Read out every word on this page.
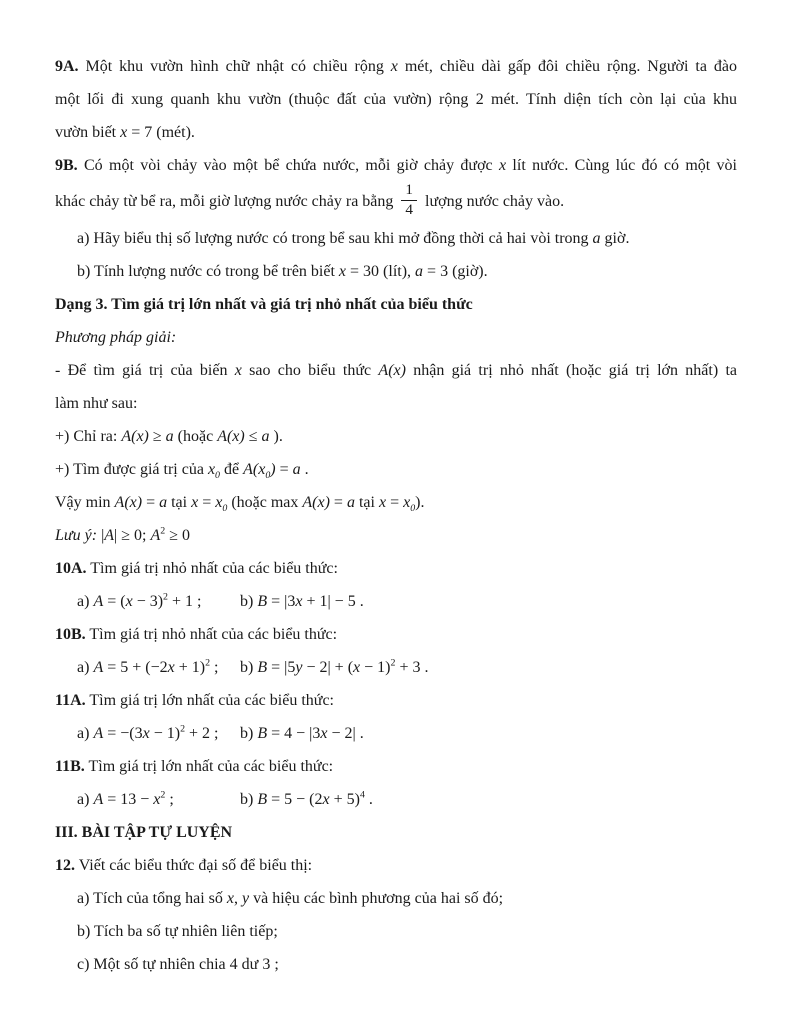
9A. Một khu vườn hình chữ nhật có chiều rộng x mét, chiều dài gấp đôi chiều rộng. Người ta đào
một lối đi xung quanh khu vườn (thuộc đất của vườn) rộng 2 mét. Tính diện tích còn lại của khu
vườn biết x = 7 (mét).
9B. Có một vòi chảy vào một bể chứa nước, mỗi giờ chảy được x lít nước. Cùng lúc đó có một vòi
khác chảy từ bể ra, mỗi giờ lượng nước chảy ra bằng $\frac{1}{4}$ lượng nước chảy vào.
a) Hãy biểu thị số lượng nước có trong bể sau khi mở đồng thời cả hai vòi trong a giờ.
b) Tính lượng nước có trong bể trên biết x = 30 (lít), a = 3 (giờ).
Dạng 3. Tìm giá trị lớn nhất và giá trị nhỏ nhất của biểu thức
Phương pháp giải:
- Để tìm giá trị của biến x sao cho biểu thức A(x) nhận giá trị nhỏ nhất (hoặc giá trị lớn nhất) ta
làm như sau:
+) Chỉ ra: A(x) ≥ a (hoặc A(x) ≤ a ).
+) Tìm được giá trị của $x_0$ để $A(x_0) = a$ .
Vậy min A(x) = a tại $x = x_0$ (hoặc max A(x) = a tại $x = x_0$).
Lưu ý: |A| ≥ 0; $A^2 \ge 0$
10A. Tìm giá trị nhỏ nhất của các biểu thức:
a) $A = (x - 3)^2 + 1$ ; b) B = |3x + 1| − 5 .
10B. Tìm giá trị nhỏ nhất của các biểu thức:
a) $A = 5 + (-2x + 1)^2$ ; b) $B = |5y - 2| + (x - 1)^2 + 3$ .
11A. Tìm giá trị lớn nhất của các biểu thức:
a) $A = -(3x - 1)^2 + 2$ ; b) B = 4 − |3x − 2| .
11B. Tìm giá trị lớn nhất của các biểu thức:
a) $A = 13 - x^2$ ;	b) $B = 5 - (2x + 5)^4$ .
III. BÀI TẬP TỰ LUYỆN
12. Viết các biểu thức đại số để biểu thị:
a) Tích của tổng hai số x, y và hiệu các bình phương của hai số đó;
b) Tích ba số tự nhiên liên tiếp;
c) Một số tự nhiên chia 4 dư 3 ;
